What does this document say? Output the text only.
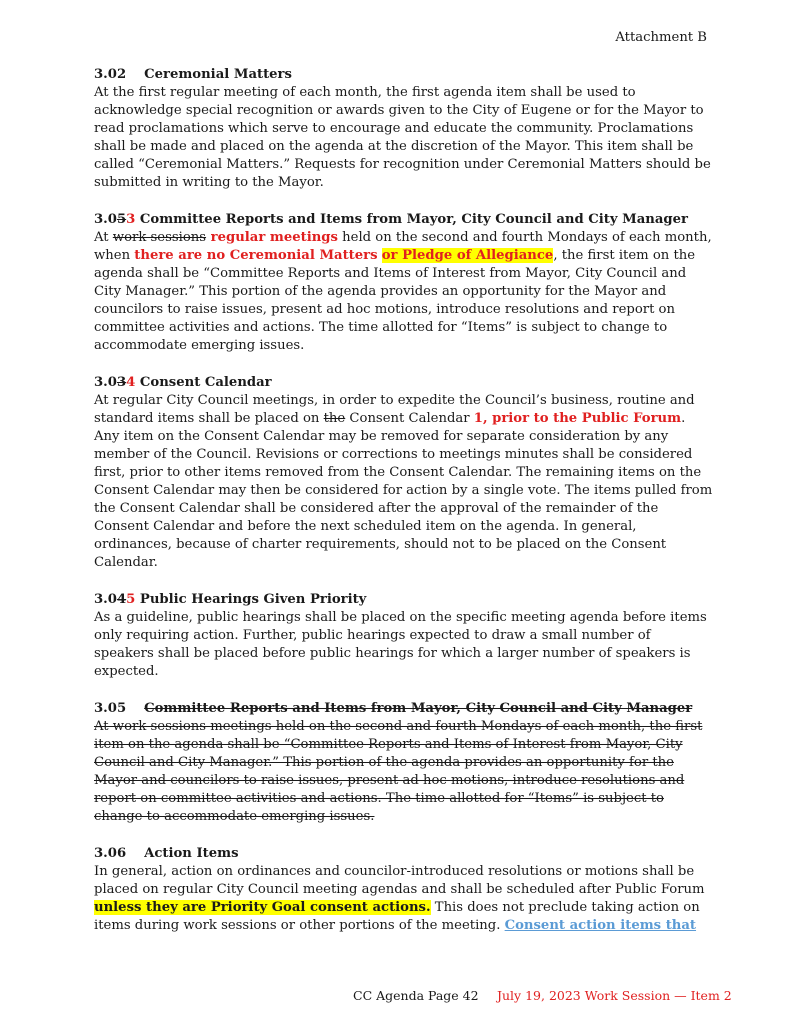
Attachment B

3.02 Ceremonial Matters

At the first regular meeting of each month, the first agenda item shall be used to acknowledge special recognition or awards given to the City of Eugene or for the Mayor to read proclamations which serve to encourage and educate the community. Proclamations shall be made and placed on the agenda at the discretion of the Mayor. This item shall be called “Ceremonial Matters.” Requests for recognition under Ceremonial Matters should be submitted in writing to the Mayor.

3.053 Committee Reports and Items from Mayor, City Council and City Manager

At work sessions regular meetings held on the second and fourth Mondays of each month, when there are no Ceremonial Matters or Pledge of Allegiance, the first item on the agenda shall be “Committee Reports and Items of Interest from Mayor, City Council and City Manager.” This portion of the agenda provides an opportunity for the Mayor and councilors to raise issues, present ad hoc motions, introduce resolutions and report on committee activities and actions. The time allotted for “Items” is subject to change to accommodate emerging issues.

3.034 Consent Calendar

At regular City Council meetings, in order to expedite the Council’s business, routine and standard items shall be placed on the Consent Calendar 1, prior to the Public Forum. Any item on the Consent Calendar may be removed for separate consideration by any member of the Council. Revisions or corrections to meetings minutes shall be considered first, prior to other items removed from the Consent Calendar. The remaining items on the Consent Calendar may then be considered for action by a single vote. The items pulled from the Consent Calendar shall be considered after the approval of the remainder of the Consent Calendar and before the next scheduled item on the agenda. In general, ordinances, because of charter requirements, should not to be placed on the Consent Calendar.

3.045 Public Hearings Given Priority

As a guideline, public hearings shall be placed on the specific meeting agenda before items only requiring action. Further, public hearings expected to draw a small number of speakers shall be placed before public hearings for which a larger number of speakers is expected.

3.05 Committee Reports and Items from Mayor, City Council and City Manager

At work sessions meetings held on the second and fourth Mondays of each month, the first item on the agenda shall be “Committee Reports and Items of Interest from Mayor, City Council and City Manager.” This portion of the agenda provides an opportunity for the Mayor and councilors to raise issues, present ad hoc motions, introduce resolutions and report on committee activities and actions. The time allotted for “Items” is subject to change to accommodate emerging issues.

3.06 Action Items

In general, action on ordinances and councilor-introduced resolutions or motions shall be placed on regular City Council meeting agendas and shall be scheduled after Public Forum unless they are Priority Goal consent actions. This does not preclude taking action on items during work sessions or other portions of the meeting. Consent action items that

CC Agenda Page 42 July 19, 2023 Work Session — Item 2
